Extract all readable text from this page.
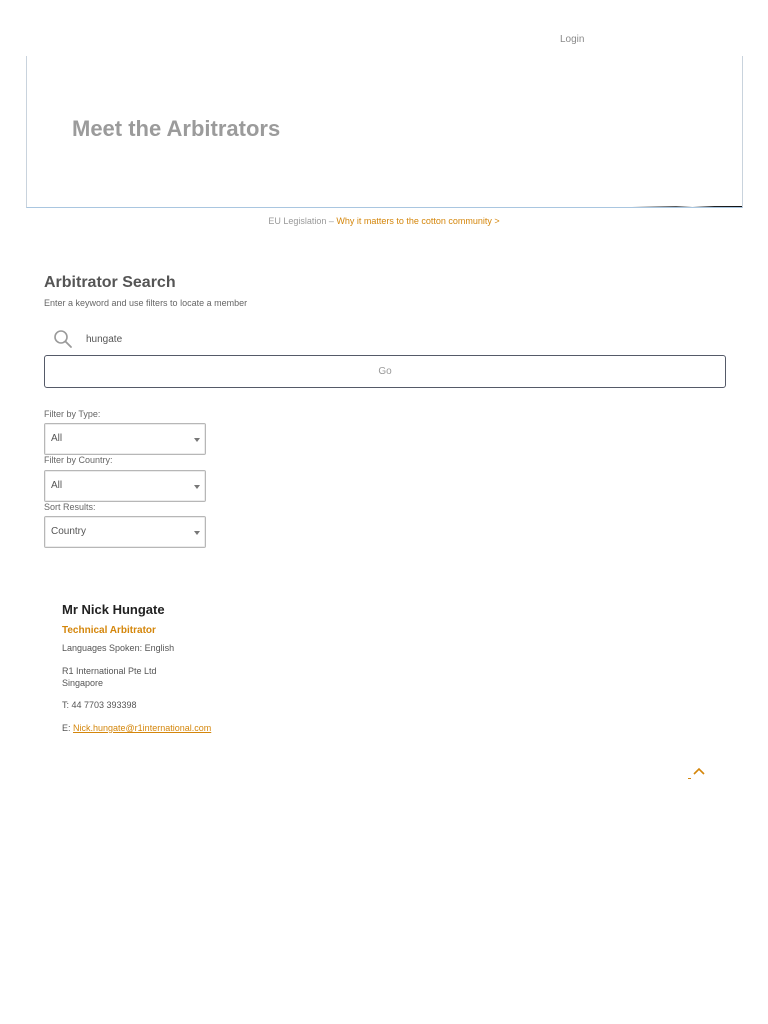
Login
Meet the Arbitrators
EU Legislation – Why it matters to the cotton community >
Arbitrator Search
Enter a keyword and use filters to locate a member
hungate
Go
Filter by Type:
All
Filter by Country:
All
Sort Results:
Country
Mr Nick Hungate
Technical Arbitrator
Languages Spoken: English
R1 International Pte Ltd
Singapore
T: 44 7703 393398
E: Nick.hungate@r1international.com
